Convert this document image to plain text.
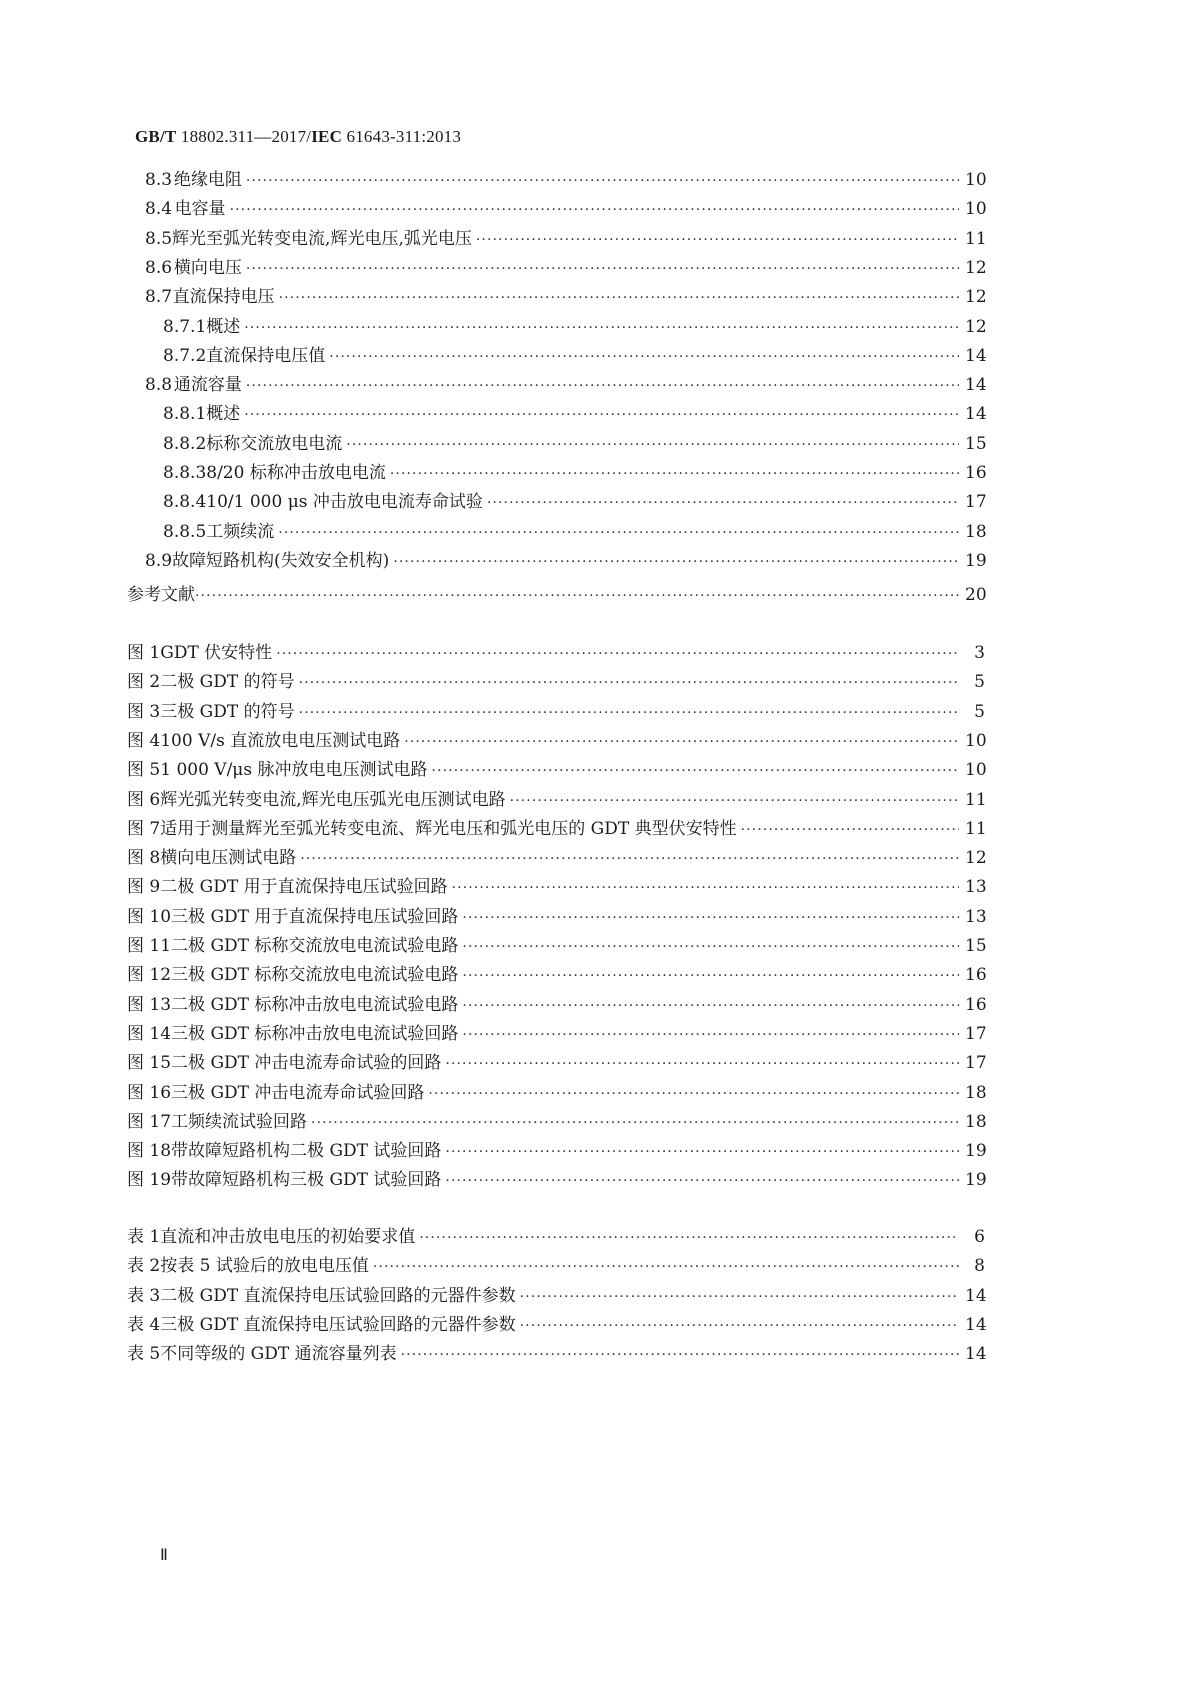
GB/T 18802.311—2017/IEC 61643-311:2013
8.3 绝缘电阻 ·····	10
8.4 电容量 ·····	10
8.5 辉光至弧光转变电流,辉光电压,弧光电压 ·····	11
8.6 横向电压 ·····	12
8.7 直流保持电压 ·····	12
8.7.1 概述 ·····	12
8.7.2 直流保持电压值 ·····	14
8.8 通流容量 ·····	14
8.8.1 概述 ·····	14
8.8.2 标称交流放电电流 ·····	15
8.8.3 8/20 标称冲击放电电流 ·····	16
8.8.4 10/1 000 μs 冲击放电电流寿命试验 ·····	17
8.8.5 工频续流 ·····	18
8.9 故障短路机构(失效安全机构) ·····	19
参考文献 ·····	20
图 1 GDT 伏安特性 ·····	3
图 2 二极 GDT 的符号 ·····	5
图 3 三极 GDT 的符号 ·····	5
图 4 100 V/s 直流放电电压测试电路 ·····	10
图 5 1 000 V/μs 脉冲放电电压测试电路 ·····	10
图 6 辉光弧光转变电流,辉光电压弧光电压测试电路 ·····	11
图 7 适用于测量辉光至弧光转变电流、辉光电压和弧光电压的 GDT 典型伏安特性 ·····	11
图 8 横向电压测试电路 ·····	12
图 9 二极 GDT 用于直流保持电压试验回路 ·····	13
图 10 三极 GDT 用于直流保持电压试验回路 ·····	13
图 11 二极 GDT 标称交流放电电流试验电路 ·····	15
图 12 三极 GDT 标称交流放电电流试验电路 ·····	16
图 13 二极 GDT 标称冲击放电电流试验电路 ·····	16
图 14 三极 GDT 标称冲击放电电流试验回路 ·····	17
图 15 二极 GDT 冲击电流寿命试验的回路 ·····	17
图 16 三极 GDT 冲击电流寿命试验回路 ·····	18
图 17 工频续流试验回路 ·····	18
图 18 带故障短路机构二极 GDT 试验回路 ·····	19
图 19 带故障短路机构三极 GDT 试验回路 ·····	19
表 1 直流和冲击放电电压的初始要求值 ·····	6
表 2 按表 5 试验后的放电电压值 ·····	8
表 3 二极 GDT 直流保持电压试验回路的元器件参数 ·····	14
表 4 三极 GDT 直流保持电压试验回路的元器件参数 ·····	14
表 5 不同等级的 GDT 通流容量列表 ·····	14
Ⅱ
